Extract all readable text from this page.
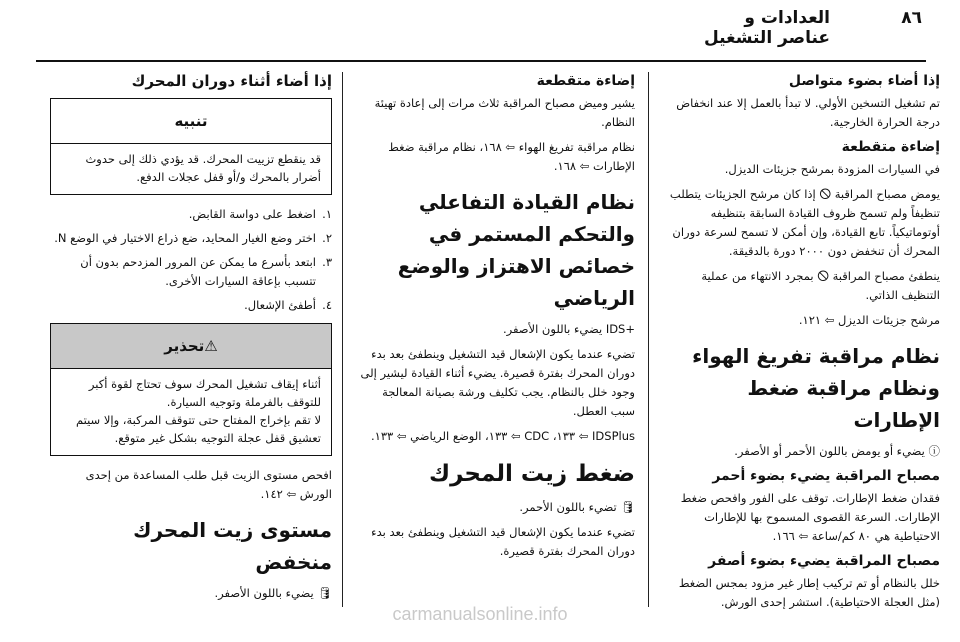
٨٦
العدادات و عناصر التشغيل
إذا أضاء بضوء متواصل

تم تشغيل التسخين الأولي. لا تبدأ بالعمل إلا عند انخفاض درجة الحرارة الخارجية.

إضاءة متقطعة

في السيارات المزودة بمرشح جزيئات الديزل.

يومض مصباح المراقبة 🛇 إذا كان مرشح الجزيئات يتطلب تنظيفاً ولم تسمح ظروف القيادة السابقة بتنظيفه أوتوماتيكياً. تابع القيادة، وإن أمكن لا تسمح لسرعة دوران المحرك أن تنخفض دون ٢٠٠٠ دورة بالدقيقة.

ينطفئ مصباح المراقبة 🛇 بمجرد الانتهاء من عملية التنظيف الذاتي.

مرشح جزيئات الديزل ⇦ ١٢١.

نظام مراقبة تفريغ الهواء ونظام مراقبة ضغط الإطارات

ⓘ يضيء أو يومض باللون الأحمر أو الأصفر.

مصباح المراقبة يضيء بضوء أحمر

فقدان ضغط الإطارات. توقف على الفور وافحص ضغط الإطارات. السرعة القصوى المسموح بها للإطارات الاحتياطية هي ٨٠ كم/ساعة ⇦ ١٦٦.

مصباح المراقبة يضيء بضوء أصفر

خلل بالنظام أو تم تركيب إطار غير مزود بمجس الضغط (مثل العجلة الاحتياطية). استشر إحدى الورش.

إضاءة متقطعة

يشير وميض مصباح المراقبة ثلاث مرات إلى إعادة تهيئة النظام.

نظام مراقبة تفريغ الهواء ⇦ ١٦٨، نظام مراقبة ضغط الإطارات ⇦ ١٦٨.

نظام القيادة التفاعلي والتحكم المستمر في خصائص الاهتزاز والوضع الرياضي

+IDS يضيء باللون الأصفر.

تضيء عندما يكون الإشعال قيد التشغيل وينطفئ بعد بدء دوران المحرك بفترة قصيرة. يضيء أثناء القيادة ليشير إلى وجود خلل بالنظام. يجب تكليف ورشة بصيانة المعالجة سبب العطل.

IDSPlus ⇦ ١٣٣، CDC ⇦ ١٣٣، الوضع الرياضي ⇦ ١٣٣.

ضغط زيت المحرك

🛢 تضيء باللون الأحمر.

تضيء عندما يكون الإشعال قيد التشغيل وينطفئ بعد بدء دوران المحرك بفترة قصيرة.

إذا أضاء أثناء دوران المحرك
تنبيه
قد ينقطع تزييت المحرك. قد يؤدي ذلك إلى حدوث أضرار بالمحرك و/أو قفل عجلات الدفع.
١.
اضغط على دواسة القابض.
٢.
اختر وضع الغيار المحايد، ضع ذراع الاختيار في الوضع N.
٣.
ابتعد بأسرع ما يمكن عن المرور المزدحم بدون أن تتسبب بإعاقة السيارات الأخرى.
٤.
أطفئ الإشعال.
⚠تحذير
أثناء إيقاف تشغيل المحرك سوف تحتاج لقوة أكبر للتوقف بالفرملة وتوجيه السيارة.
لا تقم بإخراج المفتاح حتى تتوقف المركبة، وإلا سيتم تعشيق قفل عجلة التوجيه بشكل غير متوقع.

افحص مستوى الزيت قبل طلب المساعدة من إحدى الورش ⇦ ١٤٢.

مستوى زيت المحرك منخفض

🛢 يضيء باللون الأصفر.

carmanualsonline.info
